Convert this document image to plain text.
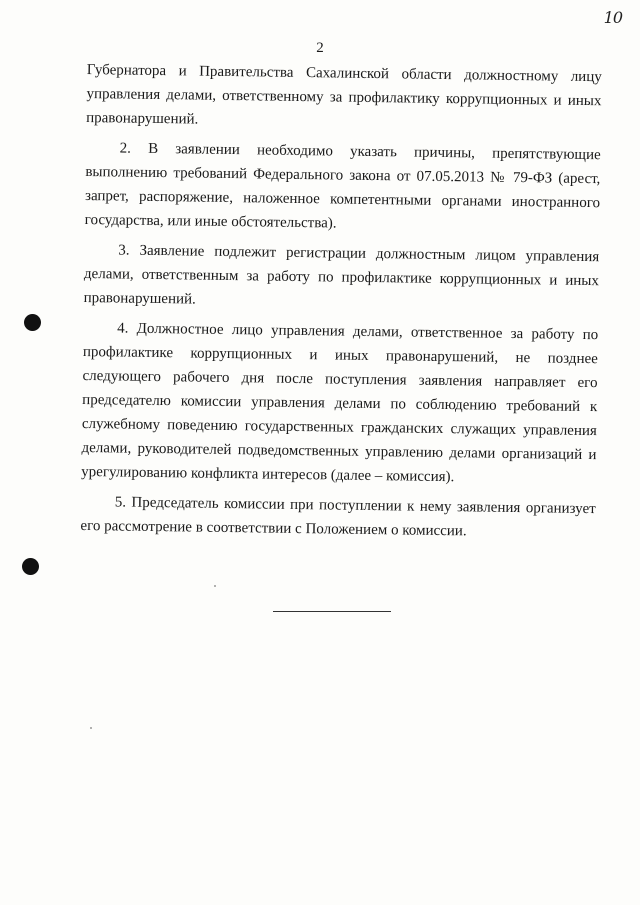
10
2

Губернатора и Правительства Сахалинской области должностному лицу управления делами, ответственному за профилактику коррупционных и иных правонарушений.

2. В заявлении необходимо указать причины, препятствующие выполнению требований Федерального закона от 07.05.2013 № 79-ФЗ (арест, запрет, распоряжение, наложенное компетентными органами иностранного государства, или иные обстоятельства).

3. Заявление подлежит регистрации должностным лицом управления делами, ответственным за работу по профилактике коррупционных и иных правонарушений.

4. Должностное лицо управления делами, ответственное за работу по профилактике коррупционных и иных правонарушений, не позднее следующего рабочего дня после поступления заявления направляет его председателю комиссии управления делами по соблюдению требований к служебному поведению государственных гражданских служащих управления делами, руководителей подведомственных управлению делами организаций и урегулированию конфликта интересов (далее – комиссия).

5. Председатель комиссии при поступлении к нему заявления организует его рассмотрение в соответствии с Положением о комиссии.
